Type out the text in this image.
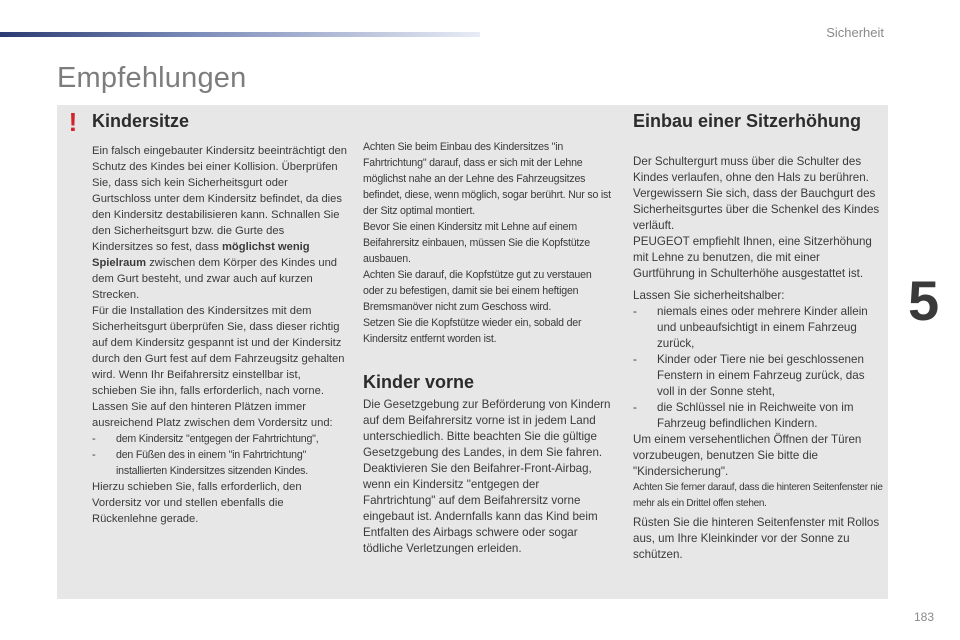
Sicherheit
Empfehlungen
! Kindersitze

Ein falsch eingebauter Kindersitz beeinträchtigt den Schutz des Kindes bei einer Kollision. Überprüfen Sie, dass sich kein Sicherheitsgurt oder Gurtschloss unter dem Kindersitz befindet, da dies den Kindersitz destabilisieren kann. Schnallen Sie den Sicherheitsgurt bzw. die Gurte des Kindersitzes so fest, dass möglichst wenig Spielraum zwischen dem Körper des Kindes und dem Gurt besteht, und zwar auch auf kurzen Strecken.

Für die Installation des Kindersitzes mit dem Sicherheitsgurt überprüfen Sie, dass dieser richtig auf dem Kindersitz gespannt ist und der Kindersitz durch den Gurt fest auf dem Fahrzeugsitz gehalten wird. Wenn Ihr Beifahrersitz einstellbar ist, schieben Sie ihn, falls erforderlich, nach vorne.

Lassen Sie auf den hinteren Plätzen immer ausreichend Platz zwischen dem Vordersitz und:

-	dem Kindersitz "entgegen der Fahrtrichtung",
-	den Füßen des in einem "in Fahrtrichtung" installierten Kindersitzes sitzenden Kindes.

Hierzu schieben Sie, falls erforderlich, den Vordersitz vor und stellen ebenfalls die Rückenlehne gerade.

Achten Sie beim Einbau des Kindersitzes "in Fahrtrichtung" darauf, dass er sich mit der Lehne möglichst nahe an der Lehne des Fahrzeugsitzes befindet, diese, wenn möglich, sogar berührt. Nur so ist der Sitz optimal montiert.

Bevor Sie einen Kindersitz mit Lehne auf einem Beifahrersitz einbauen, müssen Sie die Kopfstütze ausbauen.

Achten Sie darauf, die Kopfstütze gut zu verstauen oder zu befestigen, damit sie bei einem heftigen Bremsmanöver nicht zum Geschoss wird.

Setzen Sie die Kopfstütze wieder ein, sobald der Kindersitz entfernt worden ist.

Kinder vorne

Die Gesetzgebung zur Beförderung von Kindern auf dem Beifahrersitz vorne ist in jedem Land unterschiedlich. Bitte beachten Sie die gültige Gesetzgebung des Landes, in dem Sie fahren.

Deaktivieren Sie den Beifahrer-Front-Airbag, wenn ein Kindersitz "entgegen der Fahrtrichtung" auf dem Beifahrersitz vorne eingebaut ist. Andernfalls kann das Kind beim Entfalten des Airbags schwere oder sogar tödliche Verletzungen erleiden.

Einbau einer Sitzerhöhung

Der Schultergurt muss über die Schulter des Kindes verlaufen, ohne den Hals zu berühren.

Vergewissern Sie sich, dass der Bauchgurt des Sicherheitsgurtes über die Schenkel des Kindes verläuft.

PEUGEOT empfiehlt Ihnen, eine Sitzerhöhung mit Lehne zu benutzen, die mit einer Gurtführung in Schulterhöhe ausgestattet ist.

Lassen Sie sicherheitshalber:

-	niemals eines oder mehrere Kinder allein und unbeaufsichtigt in einem Fahrzeug zurück,
-	Kinder oder Tiere nie bei geschlossenen Fenstern in einem Fahrzeug zurück, das voll in der Sonne steht,
-	die Schlüssel nie in Reichweite von im Fahrzeug befindlichen Kindern.

Um einem versehentlichen Öffnen der Türen vorzubeugen, benutzen Sie bitte die "Kindersicherung".

Achten Sie ferner darauf, dass die hinteren Seitenfenster nie mehr als ein Drittel offen stehen.

Rüsten Sie die hinteren Seitenfenster mit Rollos aus, um Ihre Kleinkinder vor der Sonne zu schützen.

5
183
